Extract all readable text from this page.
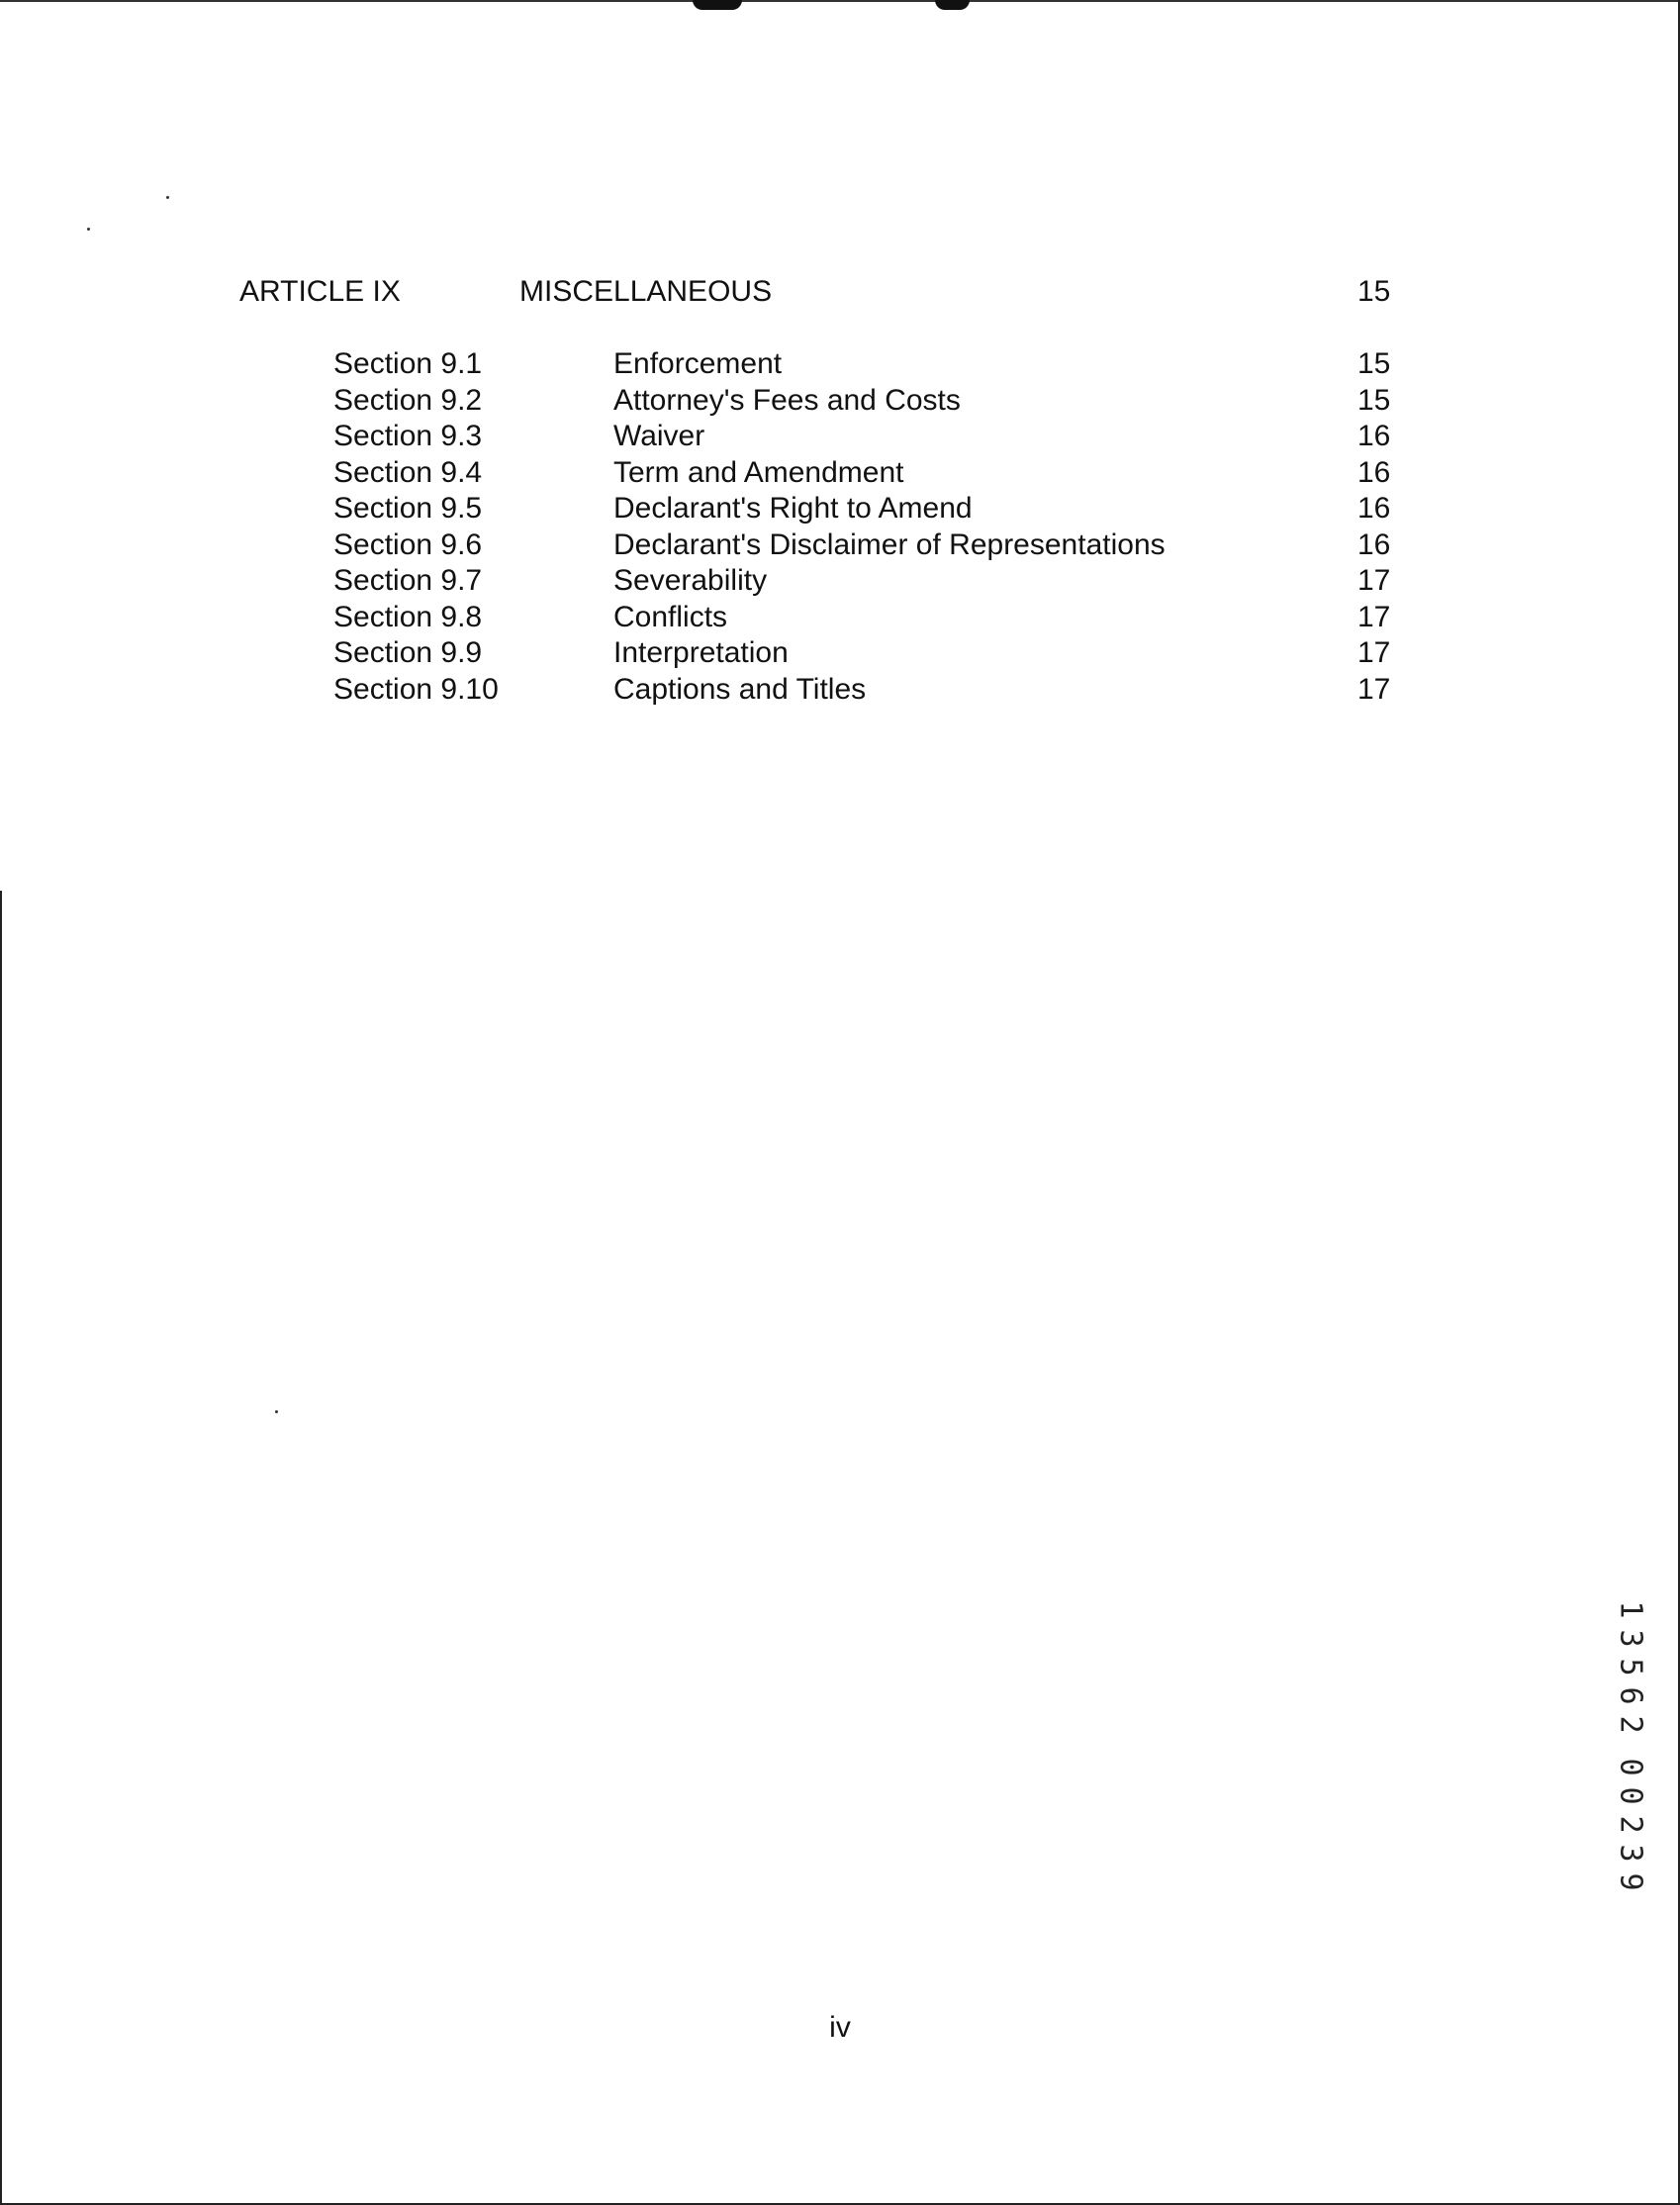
ARTICLE IX	MISCELLANEOUS	15
Section 9.1	Enforcement	15
Section 9.2	Attorney's Fees and Costs	15
Section 9.3	Waiver	16
Section 9.4	Term and Amendment	16
Section 9.5	Declarant's Right to Amend	16
Section 9.6	Declarant's Disclaimer of Representations	16
Section 9.7	Severability	17
Section 9.8	Conflicts	17
Section 9.9	Interpretation	17
Section 9.10	Captions and Titles	17
1
3
5
6
2
0
0
2
3
9
iv
